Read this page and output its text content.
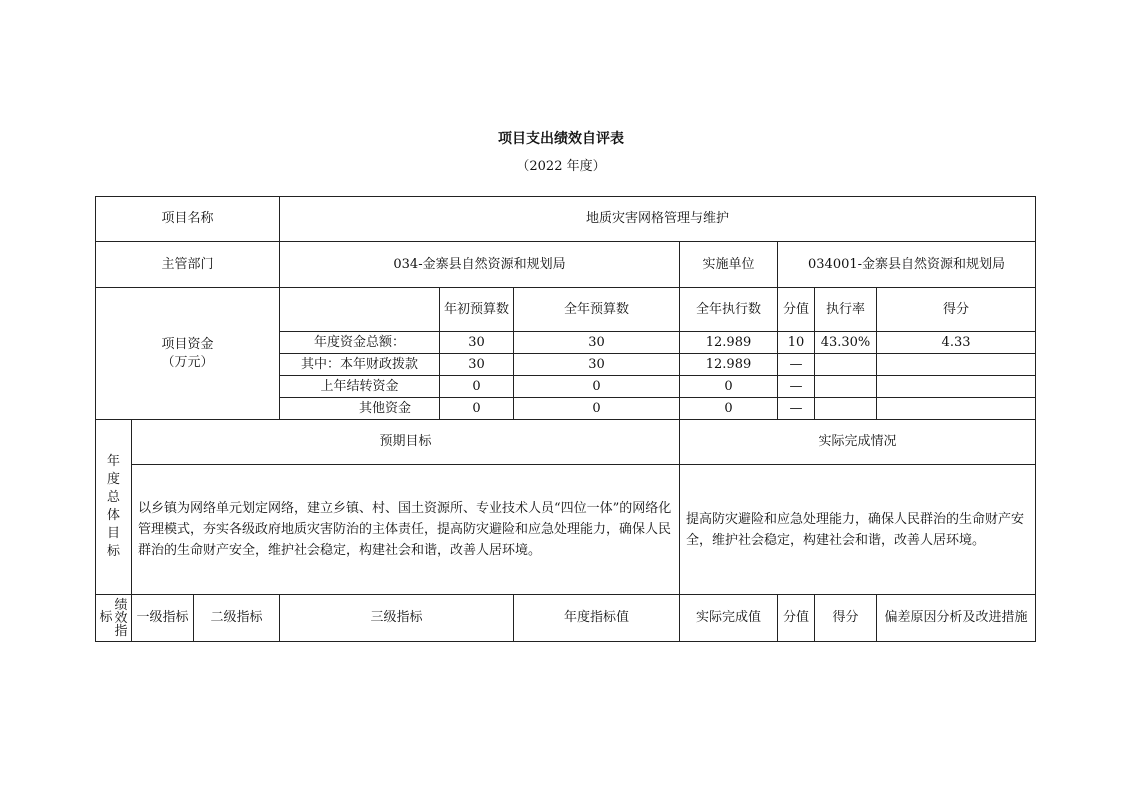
项目支出绩效自评表
（2022 年度）
项目名称			地质灾害网格管理与维护						
主管部门			034-金寨县自然资源和规划局			实施单位	034001-金寨县自然资源和规划局		

项目资金
（万元）				年初预算数	全年预算数	全年执行数	分值	执行率	得分
			年度资金总额：	30	30	12.989	10	43.30%	4.33
			其中：本年财政拨款	30	30	12.989	—		
			上年结转资金	0	0	0	—		
			其他资金	0	0	0	—		

年度总体目标	预期目标					实际完成情况			
	以乡镇为网络单元划定网络，建立乡镇、村、国土资源所、专业技术人员“四位一体”的网络化管理模式，夯实各级政府地质灾害防治的主体责任，提高防灾避险和应急处理能力，确保人民群治的生命财产安全，维护社会稳定，构建社会和谐，改善人居环境。					提高防灾避险和应急处理能力，确保人民群治的生命财产安全，维护社会稳定，构建社会和谐，改善人居环境。			

标
绩效指	一级指标	二级指标	三级指标		年度指标值	实际完成值	分值	得分	偏差原因分析及改进措施
